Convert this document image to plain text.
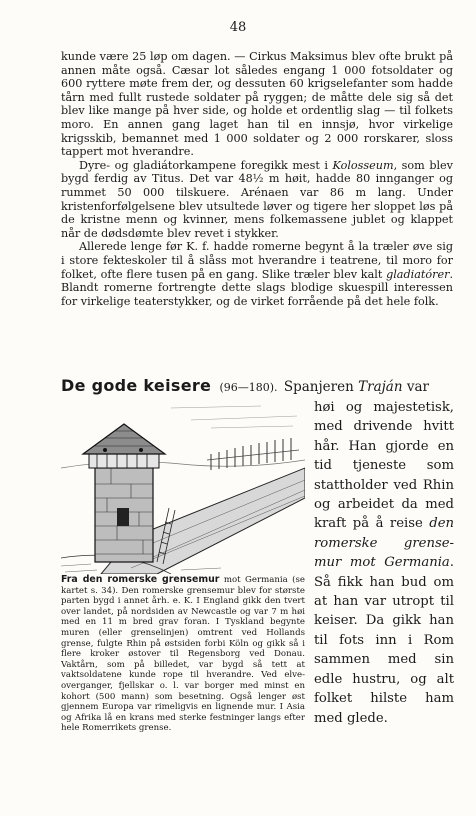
48

kunde være 25 løp om dagen. — Cirkus Maksimus blev ofte brukt på annen måte også. Cæsar lot således engang 1 000 fotsoldater og 600 ryttere møte frem der, og dessuten 60 krigselefanter som hadde tårn med fullt rustede soldater på ryggen; de måtte dele sig så det blev like mange på hver side, og holde et ordentlig slag — til folkets moro. En annen gang laget han til en innsjø, hvor virkelige krigsskib, bemannet med 1 000 soldater og 2 000 rorskarer, sloss tappert mot hverandre.

Dyre- og gladiátorkampene foregikk mest i Kolosseum, som blev bygd ferdig av Titus. Det var 48½ m høit, hadde 80 innganger og rummet 50 000 tilskuere. Arénaen var 86 m lang. Under kristenforfølgelsene blev utsultede løver og tigere her sloppet løs på de kristne menn og kvinner, mens folkemassene jublet og klappet når de dødsdømte blev revet i stykker.

Allerede lenge før K. f. hadde romerne begynt å la træler øve sig i store fekteskoler til å slåss mot hverandre i teatrene, til moro for folket, ofte flere tusen på en gang. Slike træler blev kalt gladiatórer. Blandt romerne fortrengte dette slags blodige skuespill interessen for virkelige teaterstykker, og de virket forrående på det hele folk.

De gode keisere (96—180). Spanjeren Traján var
Fra den romerske grensemur mot Germania (se kartet s. 34). Den romerske grensemur blev for største parten bygd i annet årh. e. K. I England gikk den tvert over landet, på nordsiden av Newcastle og var 7 m høi med en 11 m bred grav foran. I Tyskland begynte muren (eller grenselinjen) omtrent ved Hollands grense, fulgte Rhin på østsiden forbi Köln og gikk så i flere kroker østover til Regensborg ved Donau. Vaktårn, som på billedet, var bygd så tett at vaktsoldatene kunde rope til hverandre. Ved elveoverganger, fjellskar o. l. var borger med minst en kohort (500 mann) som besetning. Også lenger øst gjennem Europa var rimeligvis en lignende mur. I Asia og Afrika lå en krans med sterke festninger langs efter hele Romerrikets grense.
høi og majestetisk, med drivende hvitt hår. Han gjorde en tid tjeneste som stattholder ved Rhin og arbeidet da med kraft på å reise den romerske grensemur mot Germania. Så fikk han bud om at han var utropt til keiser. Da gikk han til fots inn i Rom sammen med sin edle hustru, og alt folket hilste ham med glede.
